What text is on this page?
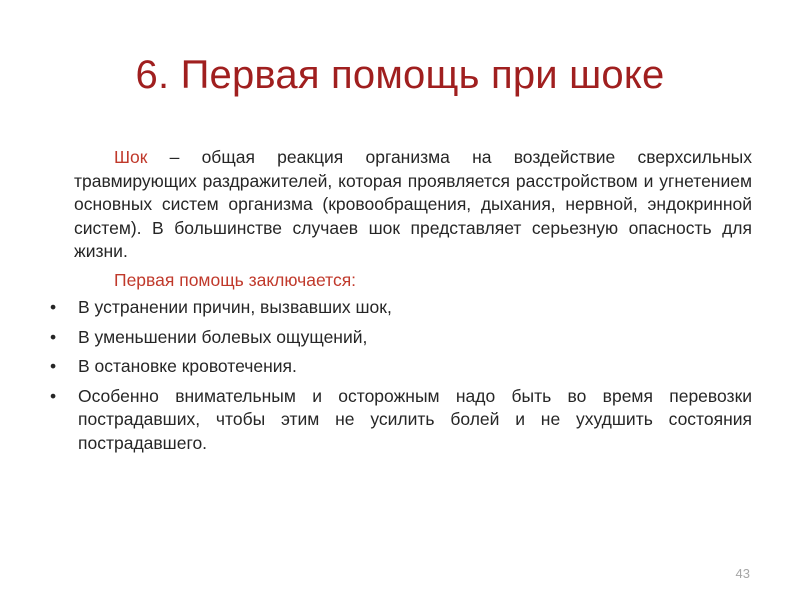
6. Первая помощь при шоке

Шок – общая реакция организма на воздействие сверхсильных травмирующих раздражителей, которая проявляется расстройством и угнетением основных систем организма (кровообращения, дыхания, нервной, эндокринной систем). В большинстве случаев шок представляет серьезную опасность для жизни.

Первая помощь заключается:

• В устранении причин, вызвавших шок,
• В уменьшении болевых ощущений,
• В остановке кровотечения.
• Особенно внимательным и осторожным надо быть во время перевозки пострадавших, чтобы этим не усилить болей и не ухудшить состояния пострадавшего.
43
